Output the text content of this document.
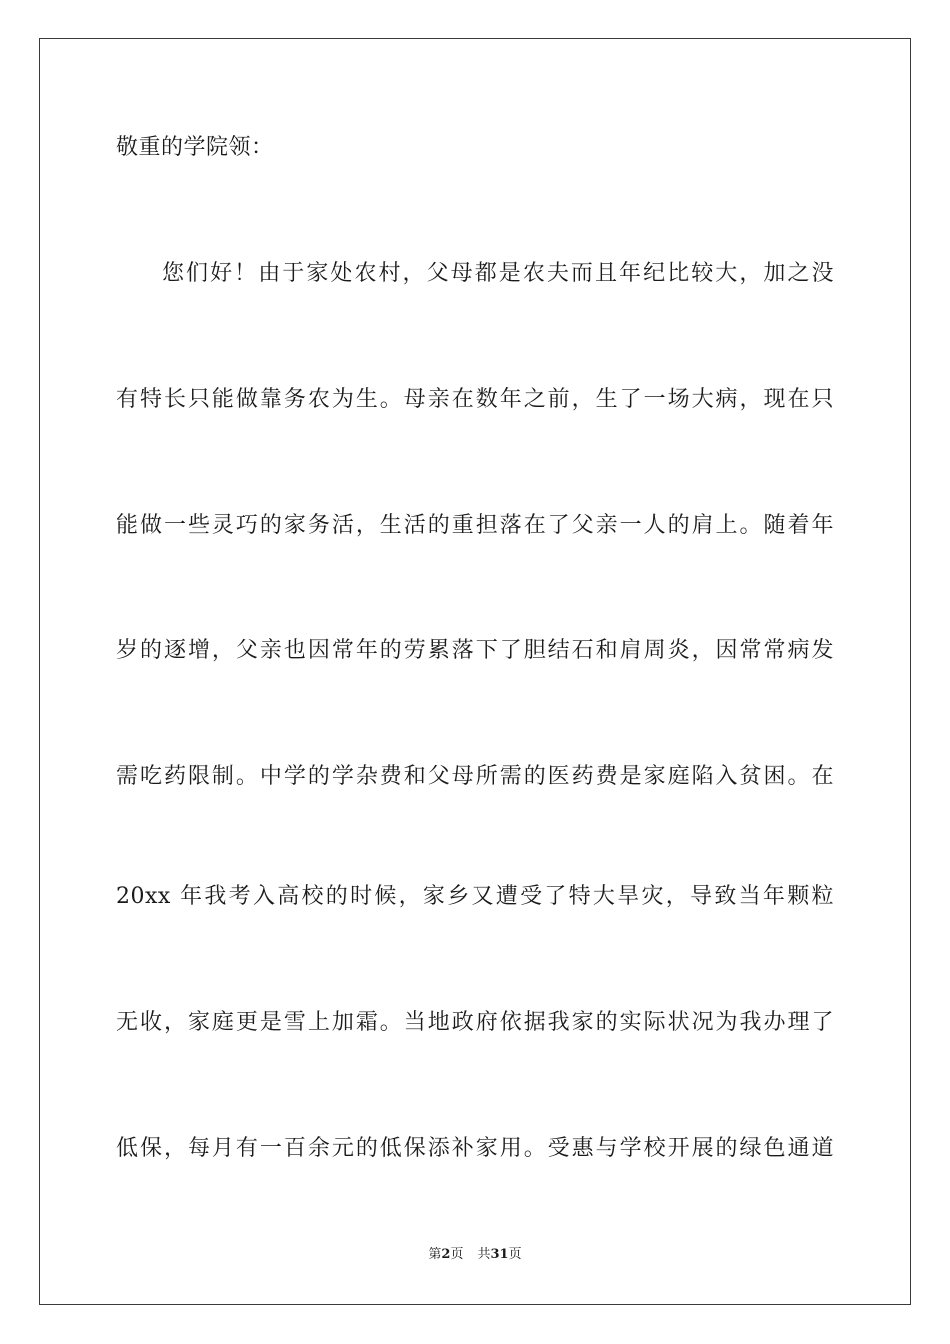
敬重的学院领：
您们好！由于家处农村，父母都是农夫而且年纪比较大，加之没
有特长只能做靠务农为生。母亲在数年之前，生了一场大病，现在只
能做一些灵巧的家务活，生活的重担落在了父亲一人的肩上。随着年
岁的逐增，父亲也因常年的劳累落下了胆结石和肩周炎，因常常病发
需吃药限制。中学的学杂费和父母所需的医药费是家庭陷入贫困。在
20xx 年我考入高校的时候，家乡又遭受了特大旱灾，导致当年颗粒
无收，家庭更是雪上加霜。当地政府依据我家的实际状况为我办理了
低保，每月有一百余元的低保添补家用。受惠与学校开展的绿色通道
第2页 共31页
